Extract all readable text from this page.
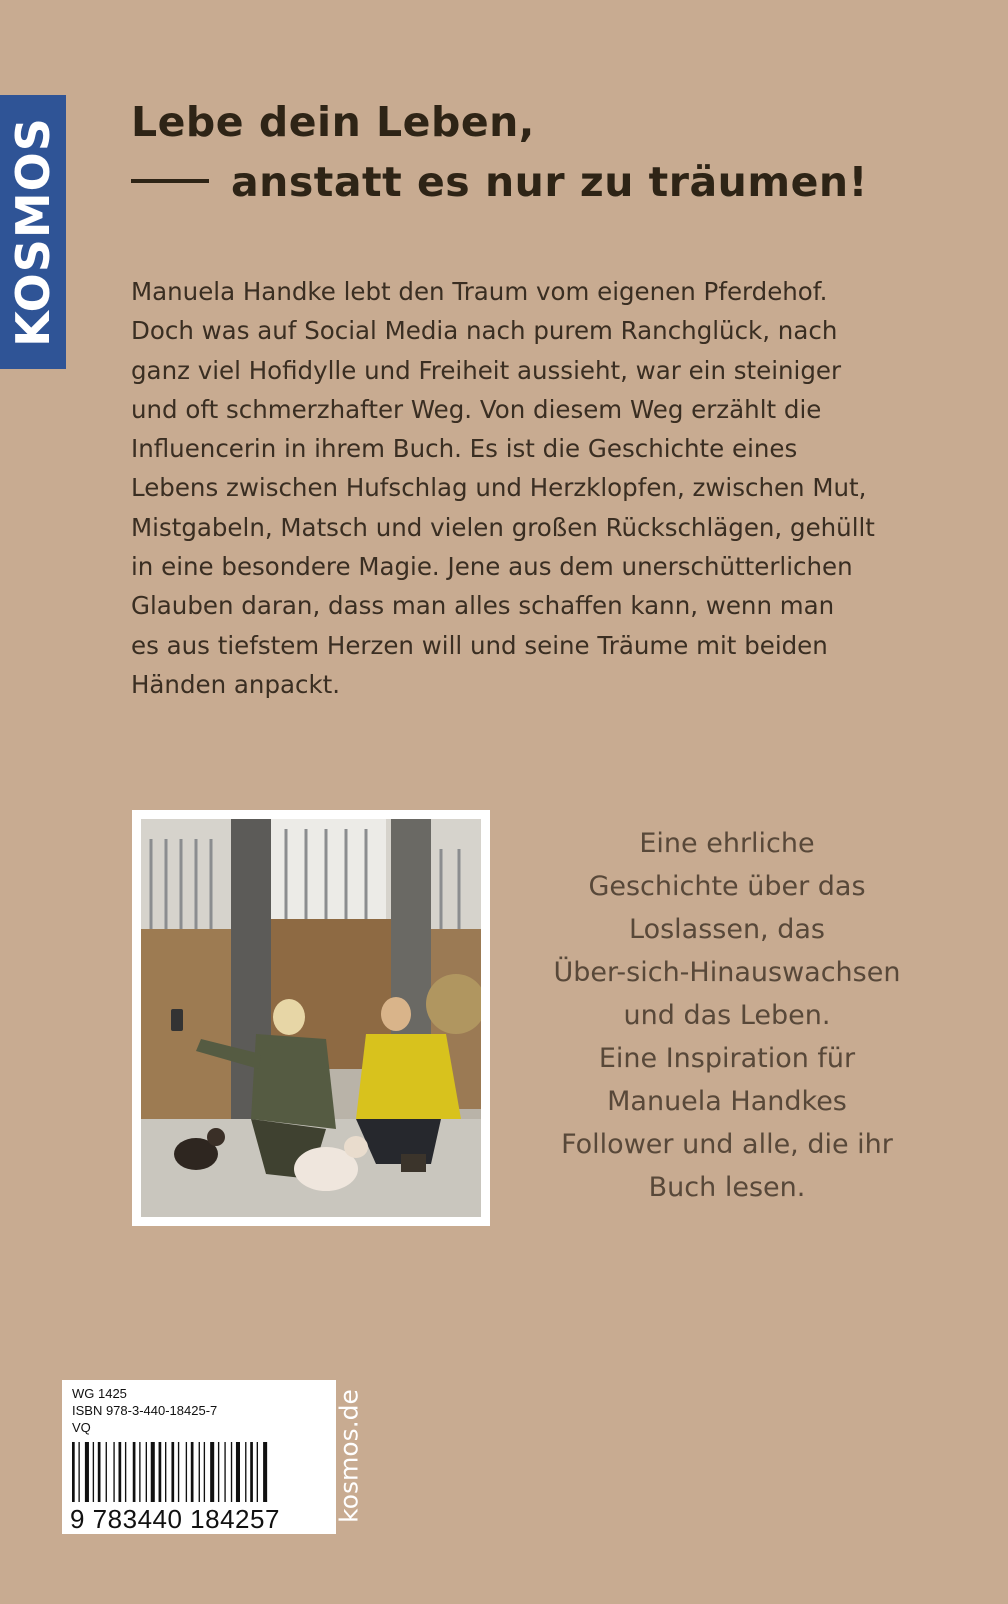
KOSMOS Lebe dein Leben,
anstatt es nur zu träumen!
Manuela Handke lebt den Traum vom eigenen Pferdehof.
Doch was auf Social Media nach purem Ranchglück, nach
ganz viel Hofidylle und Freiheit aussieht, war ein steiniger
und oft schmerzhafter Weg. Von diesem Weg erzählt die
Influencerin in ihrem Buch. Es ist die Geschichte eines
Lebens zwischen Hufschlag und Herzklopfen, zwischen Mut,
Mistgabeln, Matsch und vielen großen Rückschlägen, gehüllt
in eine besondere Magie. Jene aus dem unerschütterlichen
Glauben daran, dass man alles schaffen kann, wenn man
es aus tiefstem Herzen will und seine Träume mit beiden
Händen anpackt.
Eine ehrliche
Geschichte über das
Loslassen, das
Über-sich-Hinauswachsen
und das Leben.
Eine Inspiration für
Manuela Handkes
Follower und alle, die ihr
Buch lesen.
WG 1425
ISBN 978-3-440-18425-7
VQ
9 783440 184257 kosmos.de
